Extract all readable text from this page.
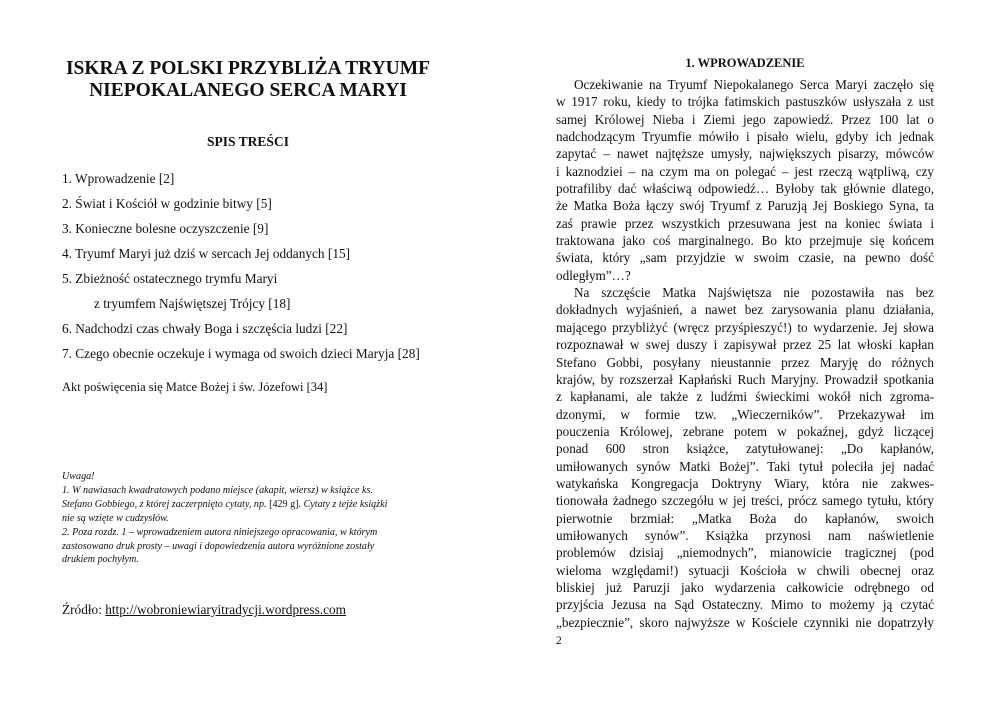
ISKRA Z POLSKI PRZYBLIŻA TRYUMF
NIEPOKALANEGO SERCA MARYI
SPIS TREŚCI
1. Wprowadzenie [2]
2. Świat i Kościół w godzinie bitwy [5]
3. Konieczne bolesne oczyszczenie [9]
4. Tryumf Maryi już dziś w sercach Jej oddanych [15]
5. Zbieżność ostatecznego trymfu Maryi
z tryumfem Najświętszej Trójcy [18]
6. Nadchodzi czas chwały Boga i szczęścia ludzi [22]
7. Czego obecnie oczekuje i wymaga od swoich dzieci Maryja [28]

Akt poświęcenia się Matce Bożej i św. Józefowi [34]

Uwaga!
1. W nawiasach kwadratowych podano miejsce (akapit, wiersz) w książce ks.
Stefano Gobbiego, z której zaczerpnięto cytaty, np. [429 g]. Cytaty z tejże książki
nie są wzięte w cudzysłów.
2. Poza rozdz. 1 – wprowadzeniem autora niniejszego opracowania, w którym
zastosowano druk prosty – uwagi i dopowiedzenia autora wyróżnione zostały
drukiem pochyłym.
Źródło: http://wobroniewiaryitradycji.wordpress.com
1. WPROWADZENIE
Oczekiwanie na Tryumf Niepokalanego Serca Maryi zaczęło się
w 1917 roku, kiedy to trójka fatimskich pastuszków usłyszała z ust
samej Królowej Nieba i Ziemi jego zapowiedź. Przez 100 lat o
nadchodzącym Tryumfie mówiło i pisało wielu, gdyby ich jednak
zapytać – nawet najtęższe umysły, największych pisarzy, mówców
i kaznodziei – na czym ma on polegać – jest rzeczą wątpliwą, czy
potrafiliby dać właściwą odpowiedź… Byłoby tak głównie dlatego,
że Matka Boża łączy swój Tryumf z Paruzją Jej Boskiego Syna, ta
zaś prawie przez wszystkich przesuwana jest na koniec świata i
traktowana jako coś marginalnego. Bo kto przejmuje się końcem
świata, który „sam przyjdzie w swoim czasie, na pewno dość
odległym”…?
Na szczęście Matka Najświętsza nie pozostawiła nas bez
dokładnych wyjaśnień, a nawet bez zarysowania planu działania,
mającego przybliżyć (wręcz przyśpieszyć!) to wydarzenie. Jej słowa
rozpoznawał w swej duszy i zapisywał przez 25 lat włoski kapłan
Stefano Gobbi, posyłany nieustannie przez Maryję do różnych
krajów, by rozszerzał Kapłański Ruch Maryjny. Prowadził spotkania
z kapłanami, ale także z ludźmi świeckimi wokół nich zgroma-
dzonymi, w formie tzw. „Wieczerników”. Przekazywał im
pouczenia Królowej, zebrane potem w pokaźnej, gdyż liczącej
ponad 600 stron książce, zatytułowanej: „Do kapłanów,
umiłowanych synów Matki Bożej”. Taki tytuł poleciła jej nadać
watykańska Kongregacja Doktryny Wiary, która nie zakwes-
tionowała żadnego szczegółu w jej treści, prócz samego tytułu, który
pierwotnie brzmiał: „Matka Boża do kapłanów, swoich
umiłowanych synów”. Książka przynosi nam naświetlenie
problemów dzisiaj „niemodnych”, mianowicie tragicznej (pod
wieloma względami!) sytuacji Kościoła w chwili obecnej oraz
bliskiej już Paruzji jako wydarzenia całkowicie odrębnego od
przyjścia Jezusa na Sąd Ostateczny. Mimo to możemy ją czytać
„bezpiecznie”, skoro najwyższe w Kościele czynniki nie dopatrzyły
2
